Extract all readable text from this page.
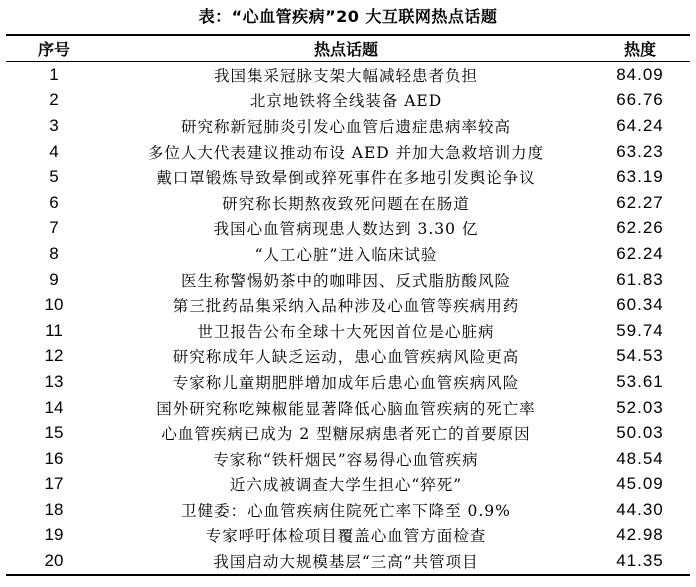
表：“心血管疾病”20 大互联网热点话题
序号	热点话题	热度
1	我国集采冠脉支架大幅减轻患者负担	84.09
2	北京地铁将全线装备 AED	66.76
3	研究称新冠肺炎引发心血管后遗症患病率较高	64.24
4	多位人大代表建议推动布设 AED 并加大急救培训力度	63.23
5	戴口罩锻炼导致晕倒或猝死事件在多地引发舆论争议	63.19
6	研究称长期熬夜致死问题在在肠道	62.27
7	我国心血管病现患人数达到 3.30 亿	62.26
8	“人工心脏”进入临床试验	62.24
9	医生称警惕奶茶中的咖啡因、反式脂肪酸风险	61.83
10	第三批药品集采纳入品种涉及心血管等疾病用药	60.34
11	世卫报告公布全球十大死因首位是心脏病	59.74
12	研究称成年人缺乏运动，患心血管疾病风险更高	54.53
13	专家称儿童期肥胖增加成年后患心血管疾病风险	53.61
14	国外研究称吃辣椒能显著降低心脑血管疾病的死亡率	52.03
15	心血管疾病已成为 2 型糖尿病患者死亡的首要原因	50.03
16	专家称“铁杆烟民”容易得心血管疾病	48.54
17	近六成被调查大学生担心“猝死”	45.09
18	卫健委：心血管疾病住院死亡率下降至 0.9%	44.30
19	专家呼吁体检项目覆盖心血管方面检查	42.98
20	我国启动大规模基层“三高”共管项目	41.35
